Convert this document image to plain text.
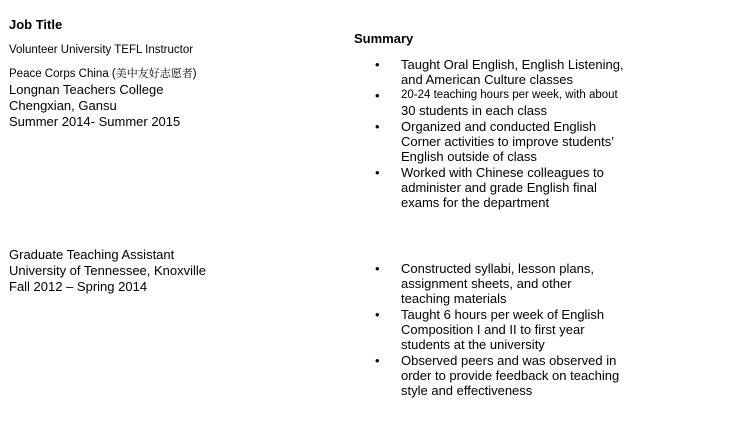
Job Title
Volunteer University TEFL Instructor
Peace Corps China (美中友好志愿者)
Longnan Teachers College
Chengxian, Gansu
Summer 2014- Summer 2015
Graduate Teaching Assistant
University of Tennessee, Knoxville
Fall 2012 – Spring 2014
Summary
• Taught Oral English, English Listening,
and American Culture classes
• 20-24 teaching hours per week, with about
30 students in each class
• Organized and conducted English
Corner activities to improve students’
English outside of class
• Worked with Chinese colleagues to
administer and grade English final
exams for the department
• Constructed syllabi, lesson plans,
assignment sheets, and other
teaching materials
• Taught 6 hours per week of English
Composition I and II to first year
students at the university
• Observed peers and was observed in
order to provide feedback on teaching
style and effectiveness
